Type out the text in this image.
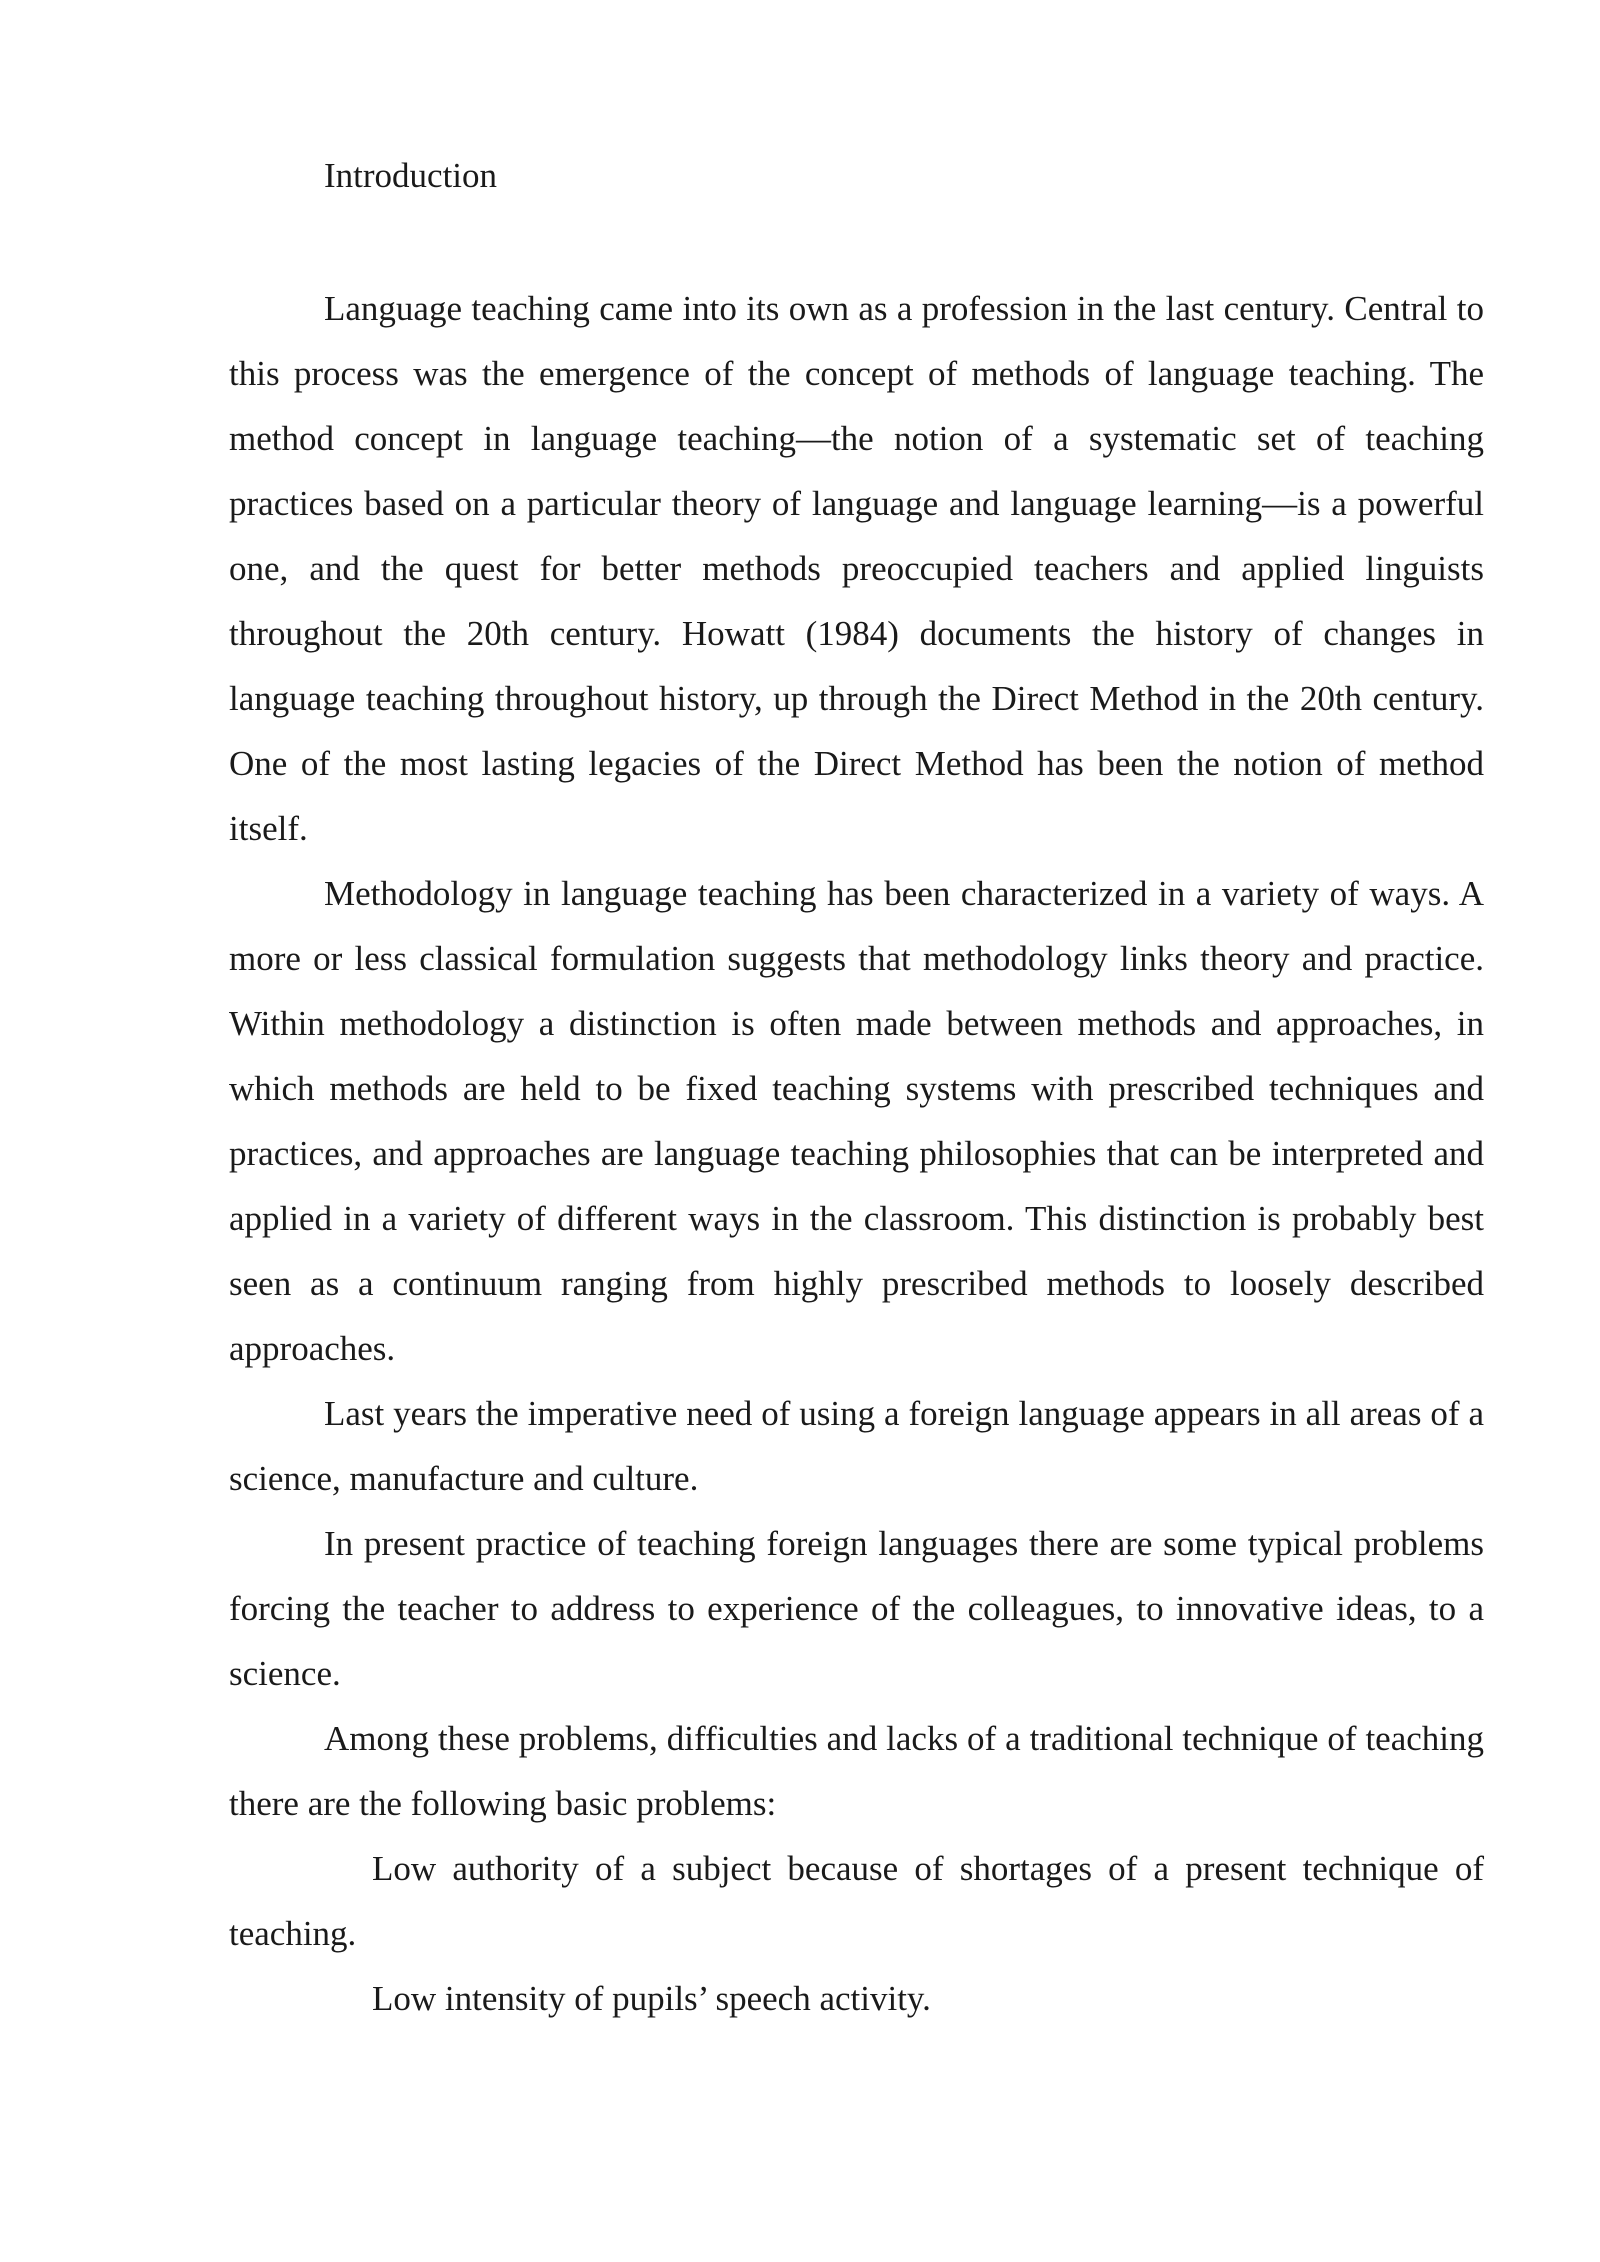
Introduction

Language teaching came into its own as a profession in the last century. Central to this process was the emergence of the concept of methods of language teaching. The method concept in language teaching—the notion of a systematic set of teaching practices based on a particular theory of language and language learning—is a powerful one, and the quest for better methods preoccupied teachers and applied linguists throughout the 20th century. Howatt (1984) documents the history of changes in language teaching throughout history, up through the Direct Method in the 20th century. One of the most lasting legacies of the Direct Method has been the notion of method itself.

Methodology in language teaching has been characterized in a variety of ways. A more or less classical formulation suggests that methodology links theory and practice. Within methodology a distinction is often made between methods and approaches, in which methods are held to be fixed teaching systems with prescribed techniques and practices, and approaches are language teaching philosophies that can be interpreted and applied in a variety of different ways in the classroom. This distinction is probably best seen as a continuum ranging from highly prescribed methods to loosely described approaches.

Last years the imperative need of using a foreign language appears in all areas of a science, manufacture and culture.

In present practice of teaching foreign languages there are some typical problems forcing the teacher to address to experience of the colleagues, to innovative ideas, to a science.

Among these problems, difficulties and lacks of a traditional technique of teaching there are the following basic problems:

Low authority of a subject because of shortages of a present technique of teaching.

Low intensity of pupils’ speech activity.
